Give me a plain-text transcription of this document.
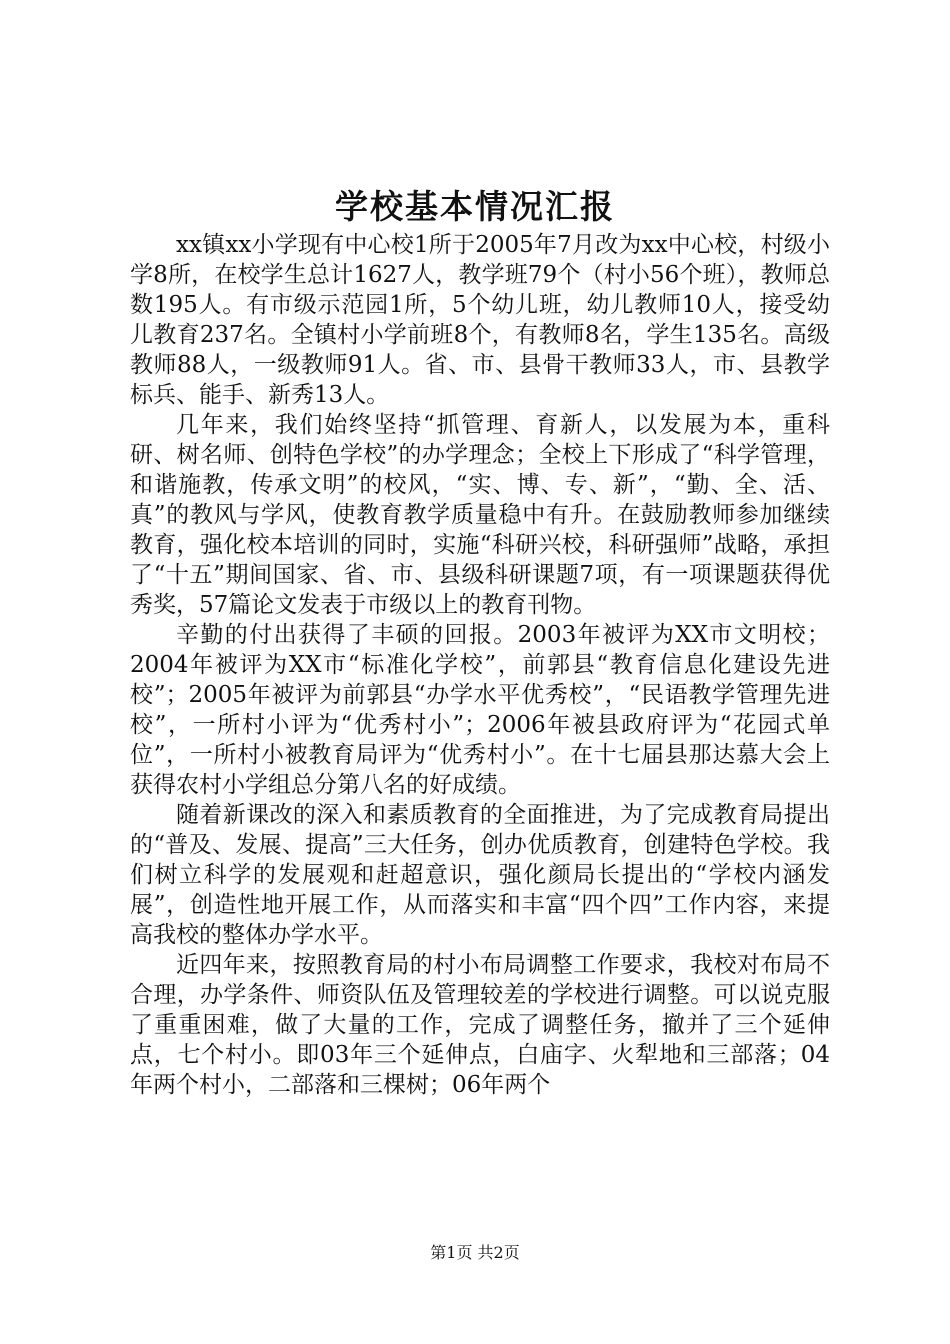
学校基本情况汇报

xx镇xx小学现有中心校1所于2005年7月改为xx中心校，村级小学8所，在校学生总计1627人，教学班79个（村小56个班），教师总数195人。有市级示范园1所，5个幼儿班，幼儿教师10人，接受幼儿教育237名。全镇村小学前班8个，有教师8名，学生135名。高级教师88人，一级教师91人。省、市、县骨干教师33人，市、县教学标兵、能手、新秀13人。

几年来，我们始终坚持“抓管理、育新人，以发展为本，重科研、树名师、创特色学校”的办学理念；全校上下形成了“科学管理，和谐施教，传承文明”的校风，“实、博、专、新”，“勤、全、活、真”的教风与学风，使教育教学质量稳中有升。在鼓励教师参加继续教育，强化校本培训的同时，实施“科研兴校，科研强师”战略，承担了“十五”期间国家、省、市、县级科研课题7项，有一项课题获得优秀奖，57篇论文发表于市级以上的教育刊物。

辛勤的付出获得了丰硕的回报。2003年被评为XX市文明校；2004年被评为XX市“标准化学校”，前郭县“教育信息化建设先进校”；2005年被评为前郭县“办学水平优秀校”，“民语教学管理先进校”，一所村小评为“优秀村小”；2006年被县政府评为“花园式单位”，一所村小被教育局评为“优秀村小”。在十七届县那达慕大会上获得农村小学组总分第八名的好成绩。

随着新课改的深入和素质教育的全面推进，为了完成教育局提出的“普及、发展、提高”三大任务，创办优质教育，创建特色学校。我们树立科学的发展观和赶超意识，强化颜局长提出的“学校内涵发展”，创造性地开展工作，从而落实和丰富“四个四”工作内容，来提高我校的整体办学水平。

近四年来，按照教育局的村小布局调整工作要求，我校对布局不合理，办学条件、师资队伍及管理较差的学校进行调整。可以说克服了重重困难，做了大量的工作，完成了调整任务，撤并了三个延伸点，七个村小。即03年三个延伸点，白庙字、火犁地和三部落；04年两个村小，二部落和三棵树；06年两个

第1页 共2页
